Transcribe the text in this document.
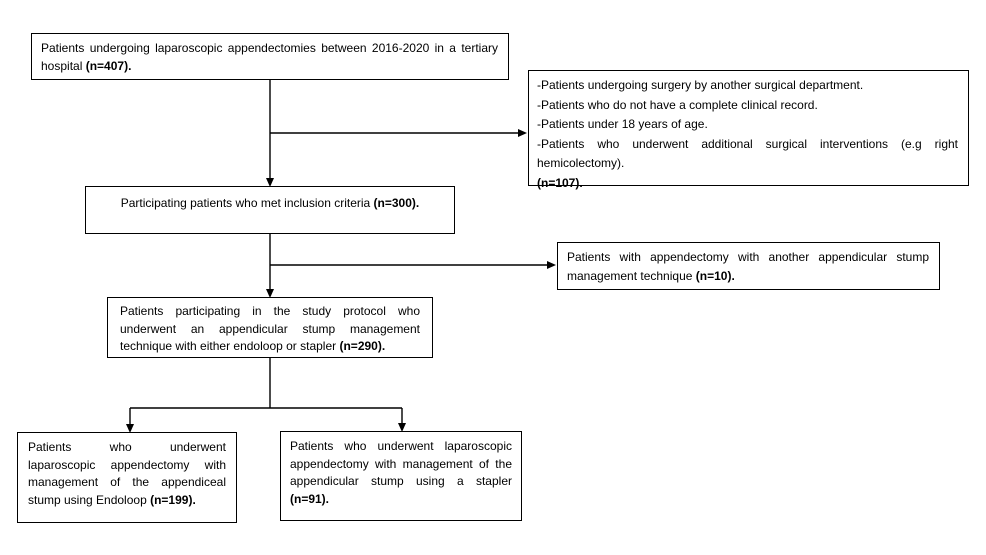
Patients undergoing laparoscopic appendectomies between 2016-2020 in a tertiary hospital (n=407).

-Patients undergoing surgery by another surgical department.

-Patients who do not have a complete clinical record.

-Patients under 18 years of age.

-Patients who underwent additional surgical interventions (e.g right hemicolectomy).

(n=107).

Participating patients who met inclusion criteria (n=300).

Patients with appendectomy with another appendicular stump management technique (n=10).

Patients participating in the study protocol who underwent an appendicular stump management technique with either endoloop or stapler (n=290).

Patients who underwent laparoscopic appendectomy with management of the appendiceal stump using Endoloop (n=199).

Patients who underwent laparoscopic appendectomy with management of the appendicular stump using a stapler (n=91).
